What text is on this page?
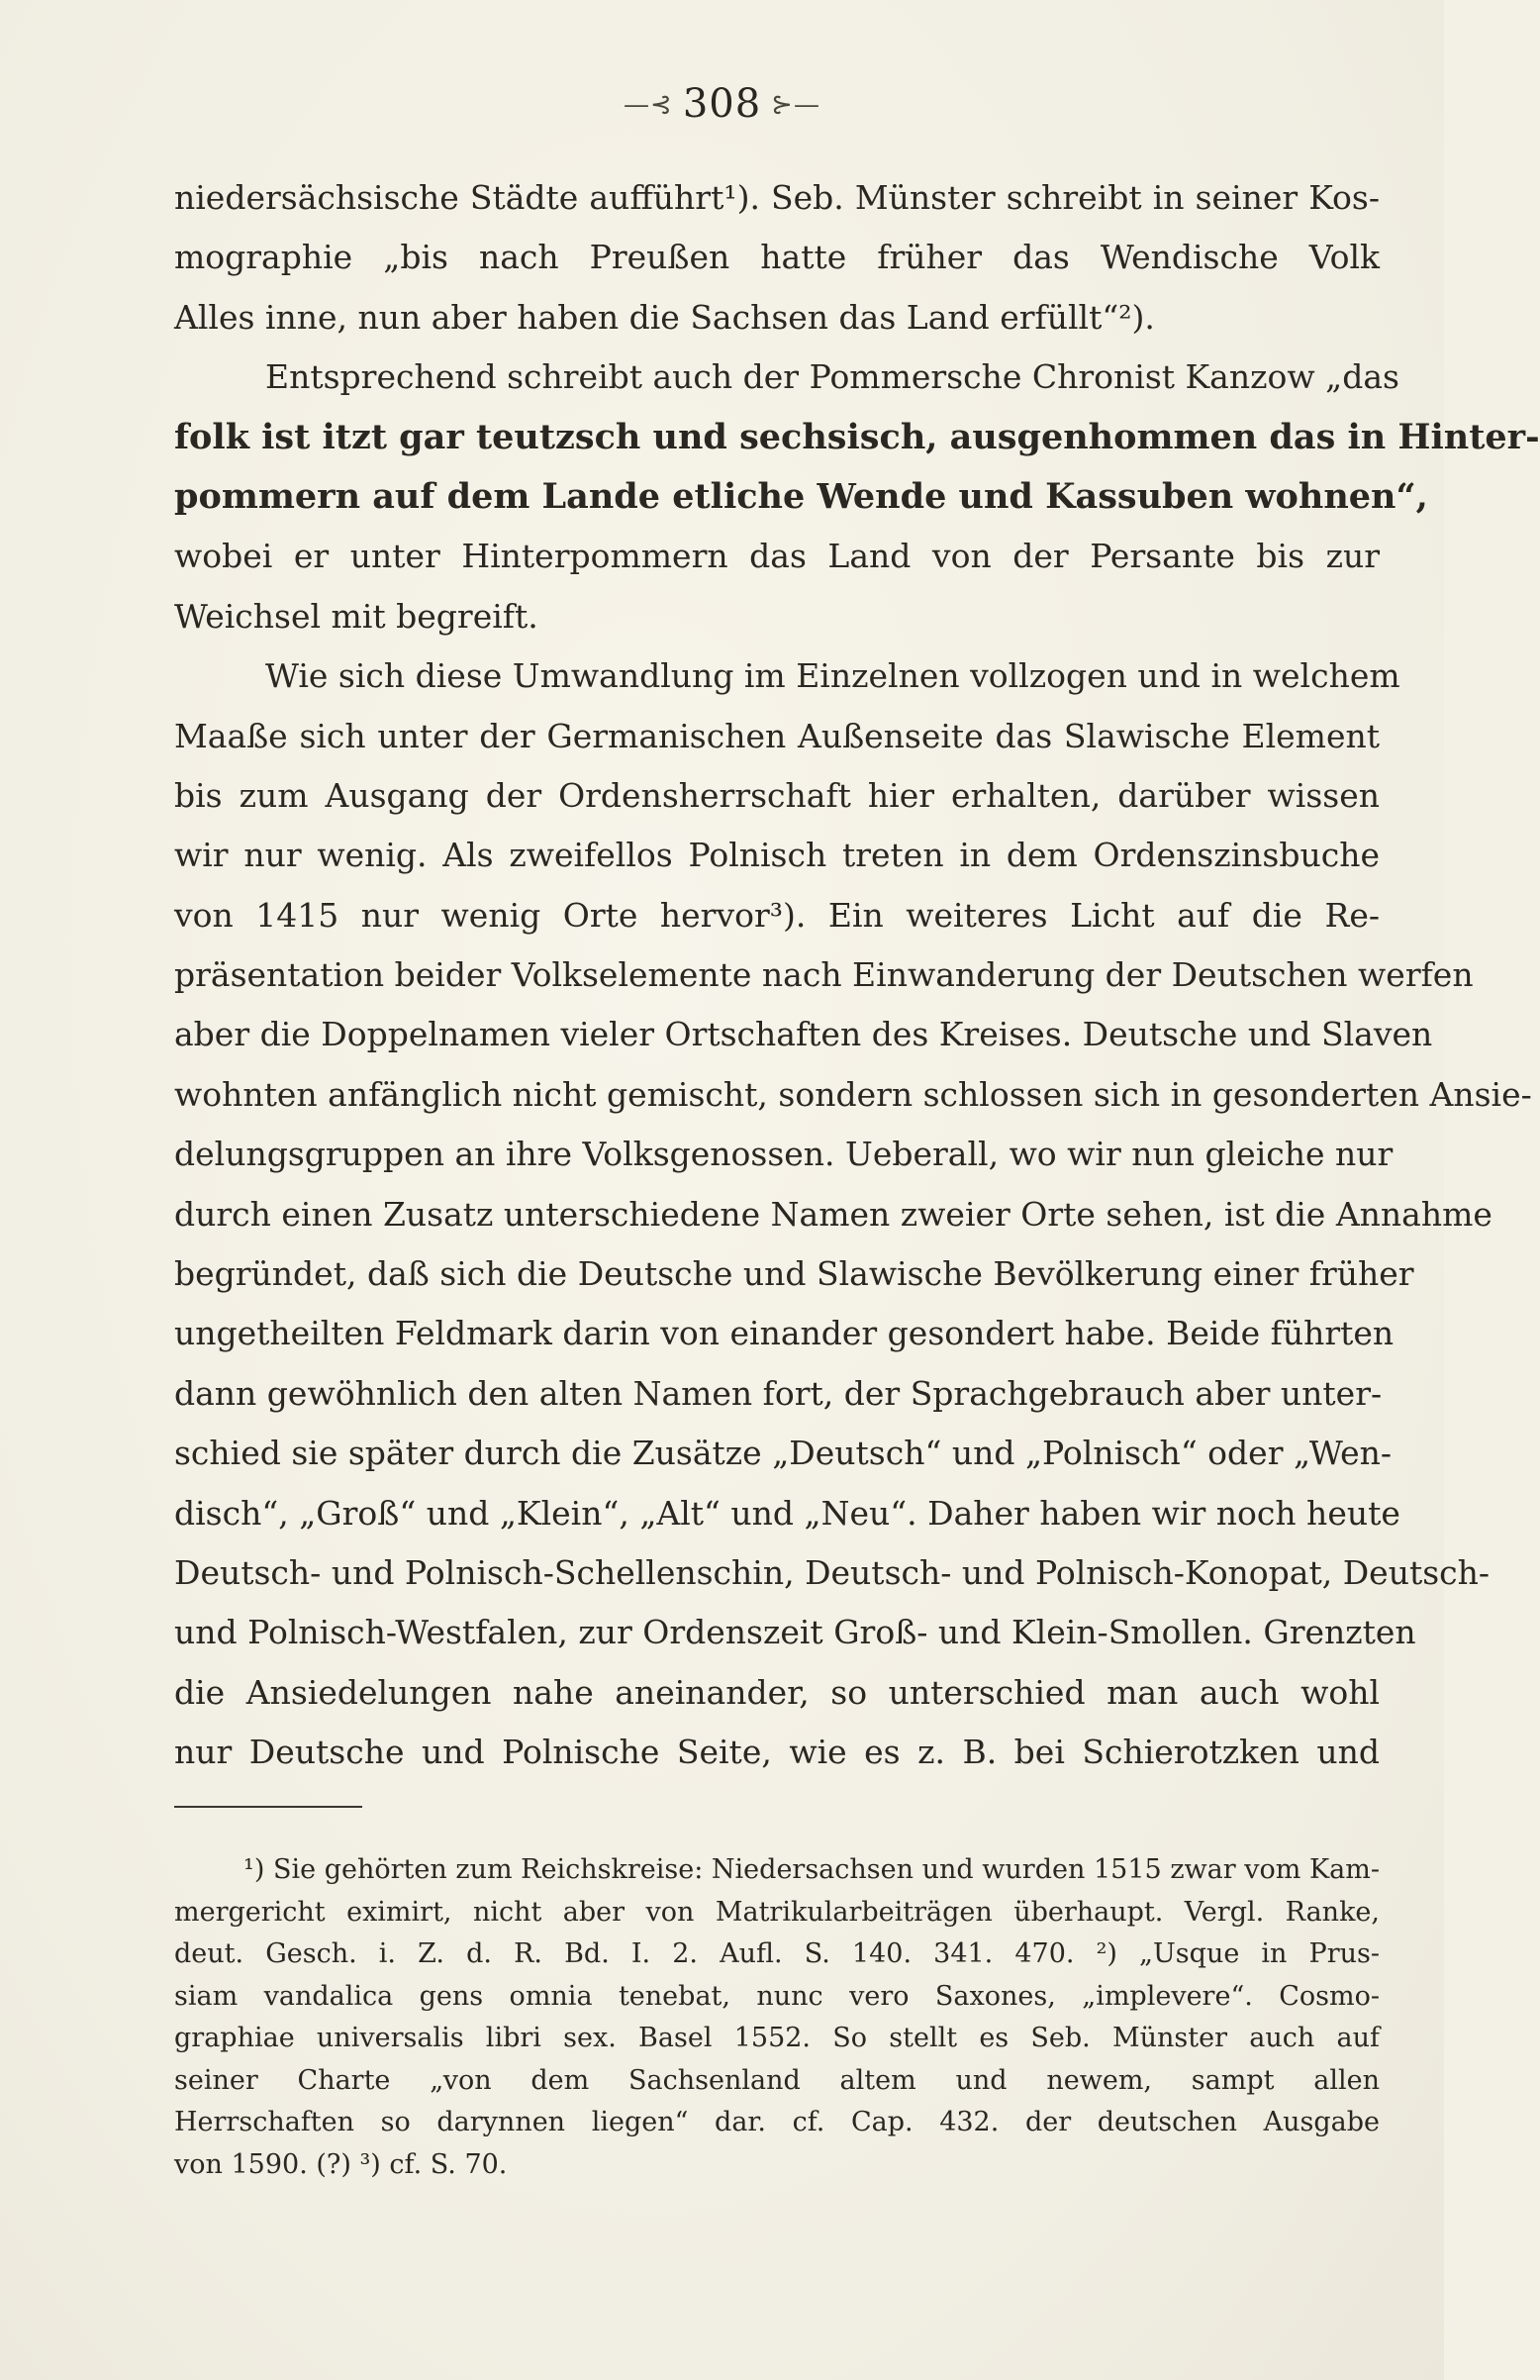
—⊰ 308 ⊱—
niedersächsische Städte aufführt¹). Seb. Münster schreibt in seiner Kos-
mographie „bis nach Preußen hatte früher das Wendische Volk
Alles inne, nun aber haben die Sachsen das Land erfüllt“²).
Entsprechend schreibt auch der Pommersche Chronist Kanzow „das
folk ist itzt gar teutzsch und sechsisch, ausgenhommen das in Hinter-
pommern auf dem Lande etliche Wende und Kassuben wohnen“,
wobei er unter Hinterpommern das Land von der Persante bis zur
Weichsel mit begreift.
Wie sich diese Umwandlung im Einzelnen vollzogen und in welchem
Maaße sich unter der Germanischen Außenseite das Slawische Element
bis zum Ausgang der Ordensherrschaft hier erhalten, darüber wissen
wir nur wenig. Als zweifellos Polnisch treten in dem Ordenszinsbuche
von 1415 nur wenig Orte hervor³). Ein weiteres Licht auf die Re-
präsentation beider Volkselemente nach Einwanderung der Deutschen werfen
aber die Doppelnamen vieler Ortschaften des Kreises. Deutsche und Slaven
wohnten anfänglich nicht gemischt, sondern schlossen sich in gesonderten Ansie-
delungsgruppen an ihre Volksgenossen. Ueberall, wo wir nun gleiche nur
durch einen Zusatz unterschiedene Namen zweier Orte sehen, ist die Annahme
begründet, daß sich die Deutsche und Slawische Bevölkerung einer früher
ungetheilten Feldmark darin von einander gesondert habe. Beide führten
dann gewöhnlich den alten Namen fort, der Sprachgebrauch aber unter-
schied sie später durch die Zusätze „Deutsch“ und „Polnisch“ oder „Wen-
disch“, „Groß“ und „Klein“, „Alt“ und „Neu“. Daher haben wir noch heute
Deutsch- und Polnisch-Schellenschin, Deutsch- und Polnisch-Konopat, Deutsch-
und Polnisch-Westfalen, zur Ordenszeit Groß- und Klein-Smollen. Grenzten
die Ansiedelungen nahe aneinander, so unterschied man auch wohl
nur Deutsche und Polnische Seite, wie es z. B. bei Schierotzken und
¹) Sie gehörten zum Reichskreise: Niedersachsen und wurden 1515 zwar vom Kam-
mergericht eximirt, nicht aber von Matrikularbeiträgen überhaupt. Vergl. Ranke,
deut. Gesch. i. Z. d. R. Bd. I. 2. Aufl. S. 140. 341. 470. ²) „Usque in Prus-
siam vandalica gens omnia tenebat, nunc vero Saxones, „implevere“. Cosmo-
graphiae universalis libri sex. Basel 1552. So stellt es Seb. Münster auch auf
seiner Charte „von dem Sachsenland altem und newem, sampt allen
Herrschaften so darynnen liegen“ dar. cf. Cap. 432. der deutschen Ausgabe
von 1590. (?) ³) cf. S. 70.
